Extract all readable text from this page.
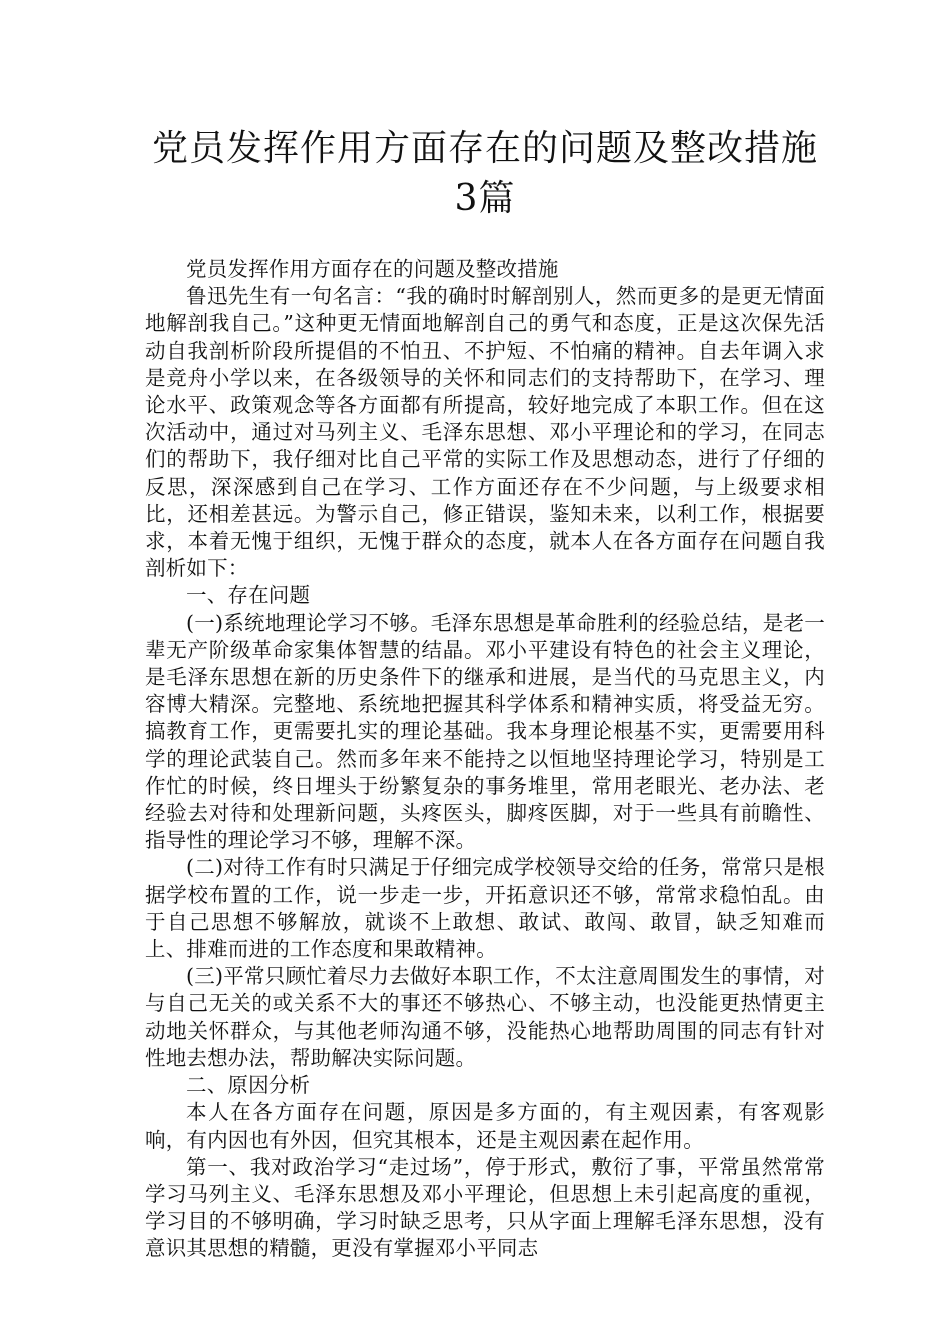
党员发挥作用方面存在的问题及整改措施3篇

党员发挥作用方面存在的问题及整改措施

鲁迅先生有一句名言：“我的确时时解剖别人，然而更多的是更无情面地解剖我自己。”这种更无情面地解剖自己的勇气和态度，正是这次保先活动自我剖析阶段所提倡的不怕丑、不护短、不怕痛的精神。自去年调入求是竞舟小学以来，在各级领导的关怀和同志们的支持帮助下，在学习、理论水平、政策观念等各方面都有所提高，较好地完成了本职工作。但在这次活动中，通过对马列主义、毛泽东思想、邓小平理论和的学习，在同志们的帮助下，我仔细对比自己平常的实际工作及思想动态，进行了仔细的反思，深深感到自己在学习、工作方面还存在不少问题，与上级要求相比，还相差甚远。为警示自己，修正错误，鉴知未来，以利工作，根据要求，本着无愧于组织，无愧于群众的态度，就本人在各方面存在问题自我剖析如下：

一、存在问题

(一)系统地理论学习不够。毛泽东思想是革命胜利的经验总结，是老一辈无产阶级革命家集体智慧的结晶。邓小平建设有特色的社会主义理论，是毛泽东思想在新的历史条件下的继承和进展，是当代的马克思主义，内容博大精深。完整地、系统地把握其科学体系和精神实质，将受益无穷。搞教育工作，更需要扎实的理论基础。我本身理论根基不实，更需要用科学的理论武装自己。然而多年来不能持之以恒地坚持理论学习，特别是工作忙的时候，终日埋头于纷繁复杂的事务堆里，常用老眼光、老办法、老经验去对待和处理新问题，头疼医头，脚疼医脚，对于一些具有前瞻性、指导性的理论学习不够，理解不深。

(二)对待工作有时只满足于仔细完成学校领导交给的任务，常常只是根据学校布置的工作，说一步走一步，开拓意识还不够，常常求稳怕乱。由于自己思想不够解放，就谈不上敢想、敢试、敢闯、敢冒，缺乏知难而上、排难而进的工作态度和果敢精神。

(三)平常只顾忙着尽力去做好本职工作，不太注意周围发生的事情，对与自己无关的或关系不大的事还不够热心、不够主动，也没能更热情更主动地关怀群众，与其他老师沟通不够，没能热心地帮助周围的同志有针对性地去想办法，帮助解决实际问题。

二、原因分析

本人在各方面存在问题，原因是多方面的，有主观因素，有客观影响，有内因也有外因，但究其根本，还是主观因素在起作用。

第一、我对政治学习“走过场”，停于形式，敷衍了事，平常虽然常常学习马列主义、毛泽东思想及邓小平理论，但思想上未引起高度的重视，学习目的不够明确，学习时缺乏思考，只从字面上理解毛泽东思想，没有意识其思想的精髓，更没有掌握邓小平同志
